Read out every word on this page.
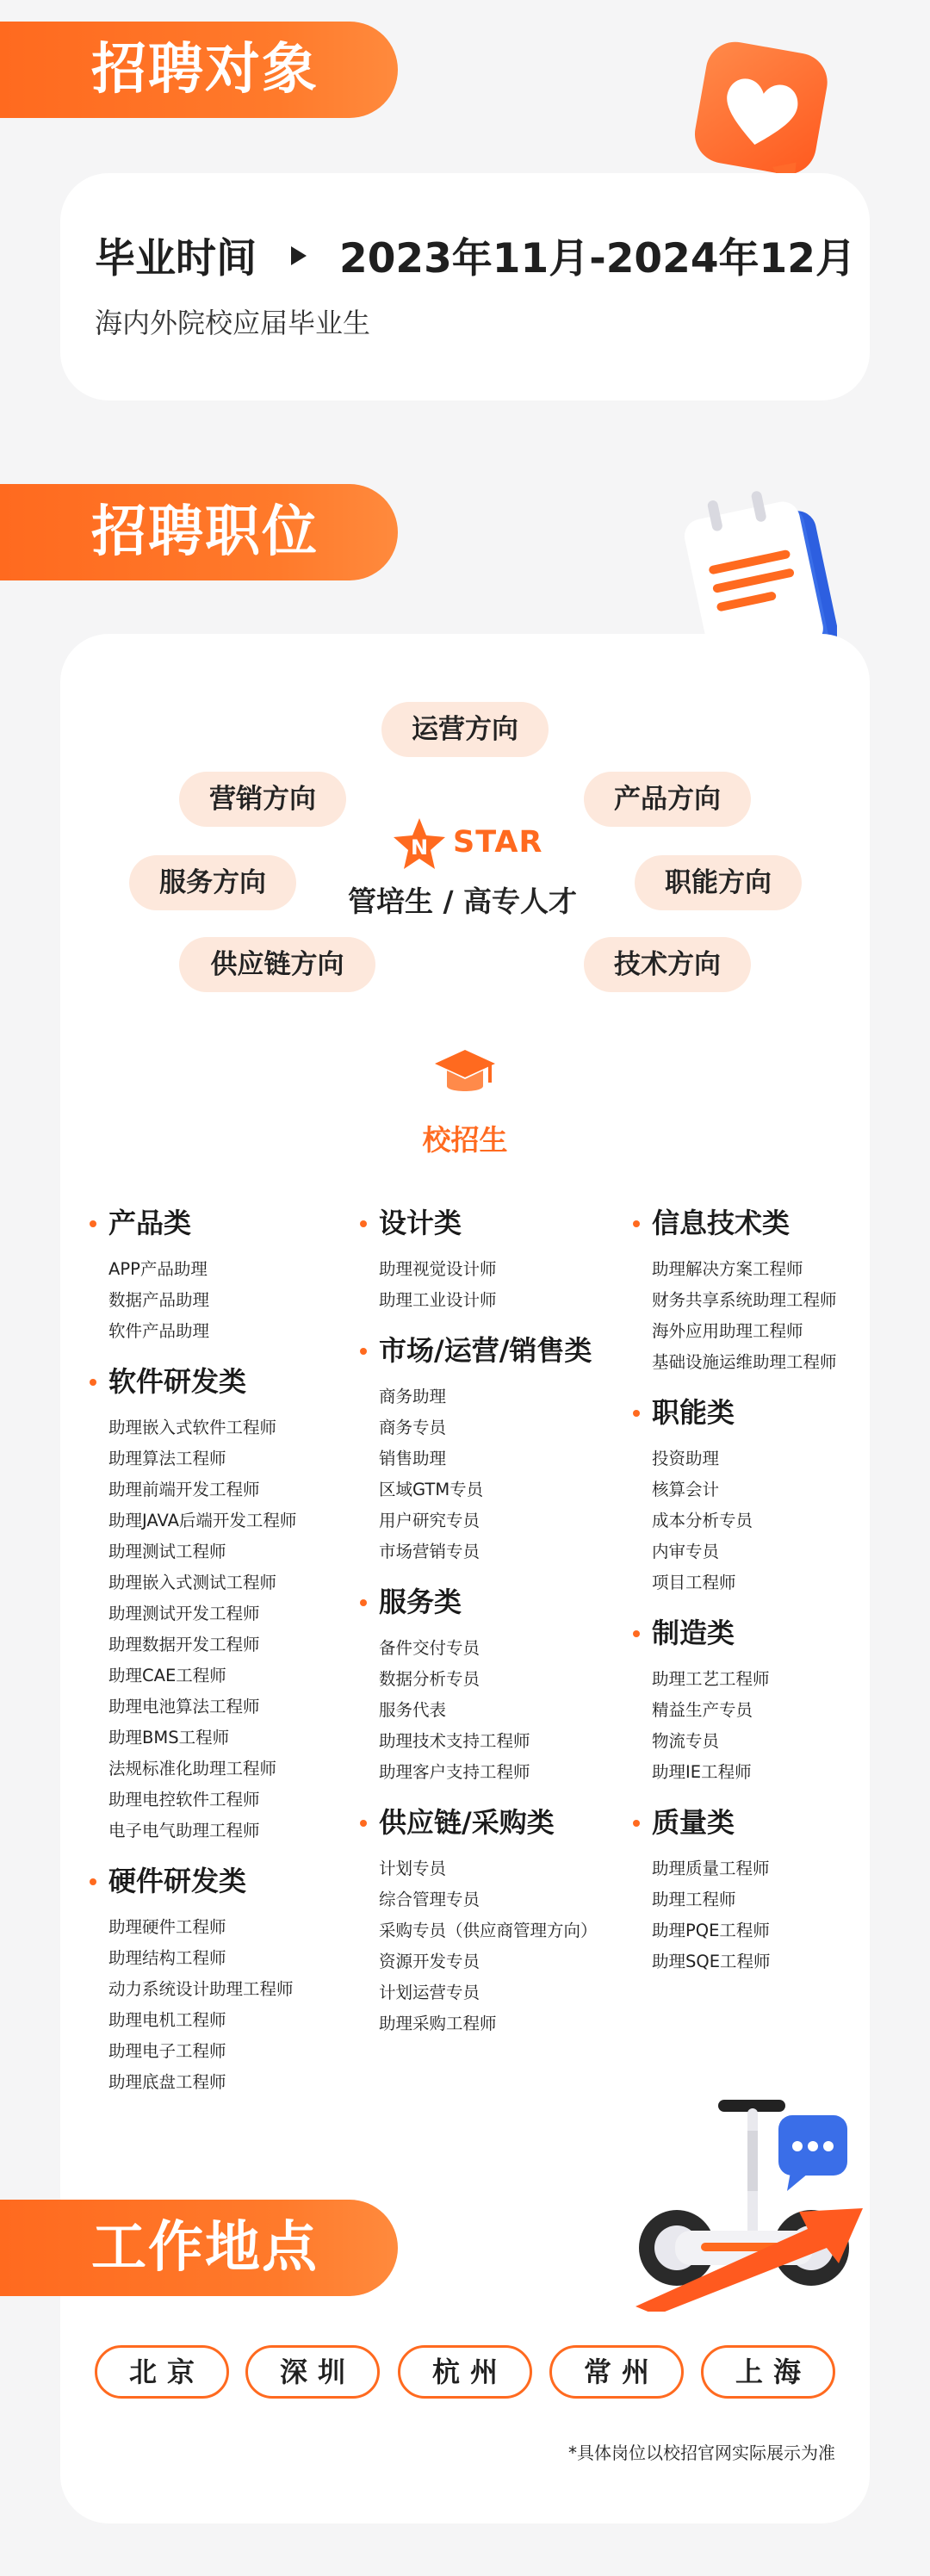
招聘对象
毕业时间 2023年11月-2024年12月
海内外院校应届毕业生
招聘职位
运营方向
营销方向	产品方向
服务方向	职能方向
供应链方向	技术方向
N STAR
管培生 / 高专人才
校招生
产品类
APP产品助理
数据产品助理
软件产品助理
软件研发类
助理嵌入式软件工程师
助理算法工程师
助理前端开发工程师
助理JAVA后端开发工程师
助理测试工程师
助理嵌入式测试工程师
助理测试开发工程师
助理数据开发工程师
助理CAE工程师
助理电池算法工程师
助理BMS工程师
法规标准化助理工程师
助理电控软件工程师
电子电气助理工程师
硬件研发类
助理硬件工程师
助理结构工程师
动力系统设计助理工程师
助理电机工程师
助理电子工程师
助理底盘工程师
设计类
助理视觉设计师
助理工业设计师
市场/运营/销售类
商务助理
商务专员
销售助理
区域GTM专员
用户研究专员
市场营销专员
服务类
备件交付专员
数据分析专员
服务代表
助理技术支持工程师
助理客户支持工程师
供应链/采购类
计划专员
综合管理专员
采购专员（供应商管理方向）
资源开发专员
计划运营专员
助理采购工程师
信息技术类
助理解决方案工程师
财务共享系统助理工程师
海外应用助理工程师
基础设施运维助理工程师
职能类
投资助理
核算会计
成本分析专员
内审专员
项目工程师
制造类
助理工艺工程师
精益生产专员
物流专员
助理IE工程师
质量类
助理质量工程师
助理工程师
助理PQE工程师
助理SQE工程师
工作地点
北京	深圳	杭州	常州	上海
*具体岗位以校招官网实际展示为准
